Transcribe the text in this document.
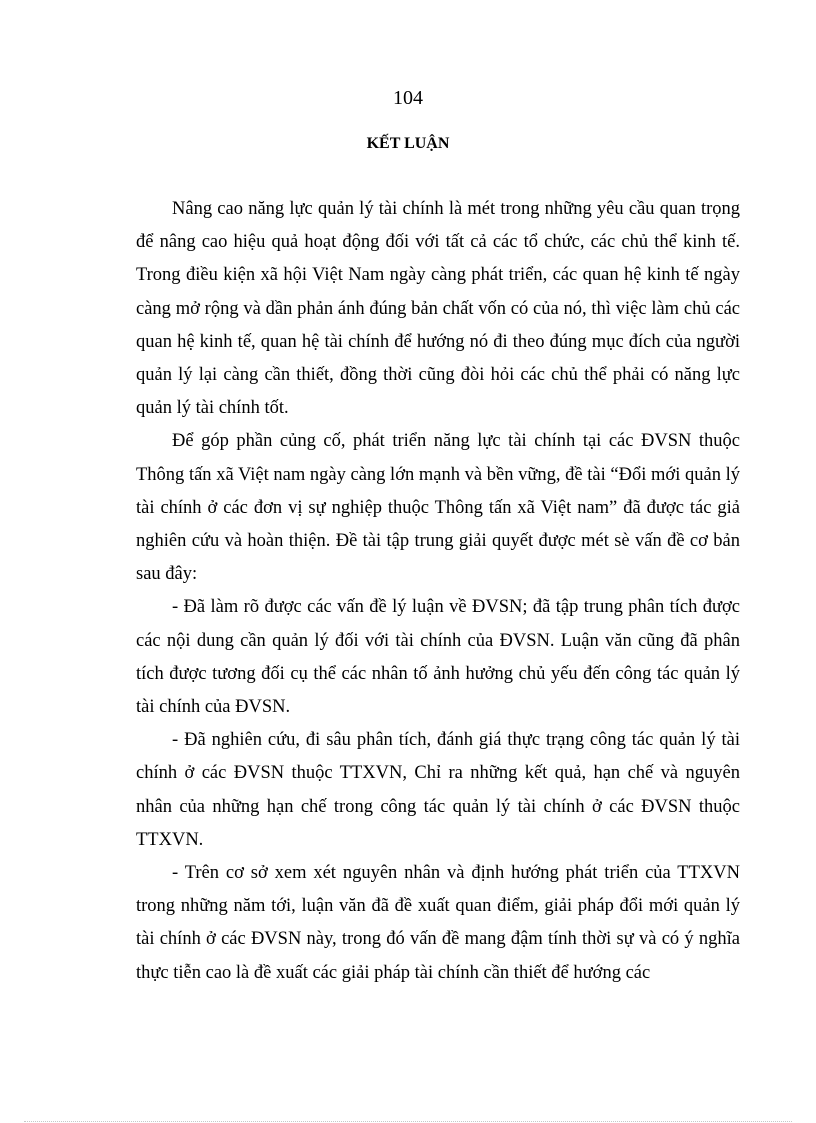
104
KẾT LUẬN

Nâng cao năng lực quản lý tài chính là mét trong những yêu cầu quan trọng để nâng cao hiệu quả hoạt động đối với tất cả các tổ chức, các chủ thể kinh tế. Trong điều kiện xã hội Việt Nam ngày càng phát triển, các quan hệ kinh tế ngày càng mở rộng và dần phản ánh đúng bản chất vốn có của nó, thì việc làm chủ các quan hệ kinh tế, quan hệ tài chính để hướng nó đi theo đúng mục đích của người quản lý lại càng cần thiết, đồng thời cũng đòi hỏi các chủ thể phải có năng lực quản lý tài chính tốt.

Để góp phần củng cố, phát triển năng lực tài chính tại các ĐVSN thuộc Thông tấn xã Việt nam ngày càng lớn mạnh và bền vững, đề tài “Đổi mới quản lý tài chính ở các đơn vị sự nghiệp thuộc Thông tấn xã Việt nam” đã được tác giả nghiên cứu và hoàn thiện. Đề tài tập trung giải quyết được mét sè vấn đề cơ bản sau đây:

- Đã làm rõ được các vấn đề lý luận về ĐVSN; đã tập trung phân tích được các nội dung cần quản lý đối với tài chính của ĐVSN. Luận văn cũng đã phân tích được tương đối cụ thể các nhân tố ảnh hưởng chủ yếu đến công tác quản lý tài chính của ĐVSN.

- Đã nghiên cứu, đi sâu phân tích, đánh giá thực trạng công tác quản lý tài chính ở các ĐVSN thuộc TTXVN, Chỉ ra những kết quả, hạn chế và nguyên nhân của những hạn chế trong công tác quản lý tài chính ở các ĐVSN thuộc TTXVN.

- Trên cơ sở xem xét nguyên nhân và định hướng phát triển của TTXVN trong những năm tới, luận văn đã đề xuất quan điểm, giải pháp đổi mới quản lý tài chính ở các ĐVSN này, trong đó vấn đề mang đậm tính thời sự và có ý nghĩa thực tiễn cao là đề xuất các giải pháp tài chính cần thiết để hướng các
